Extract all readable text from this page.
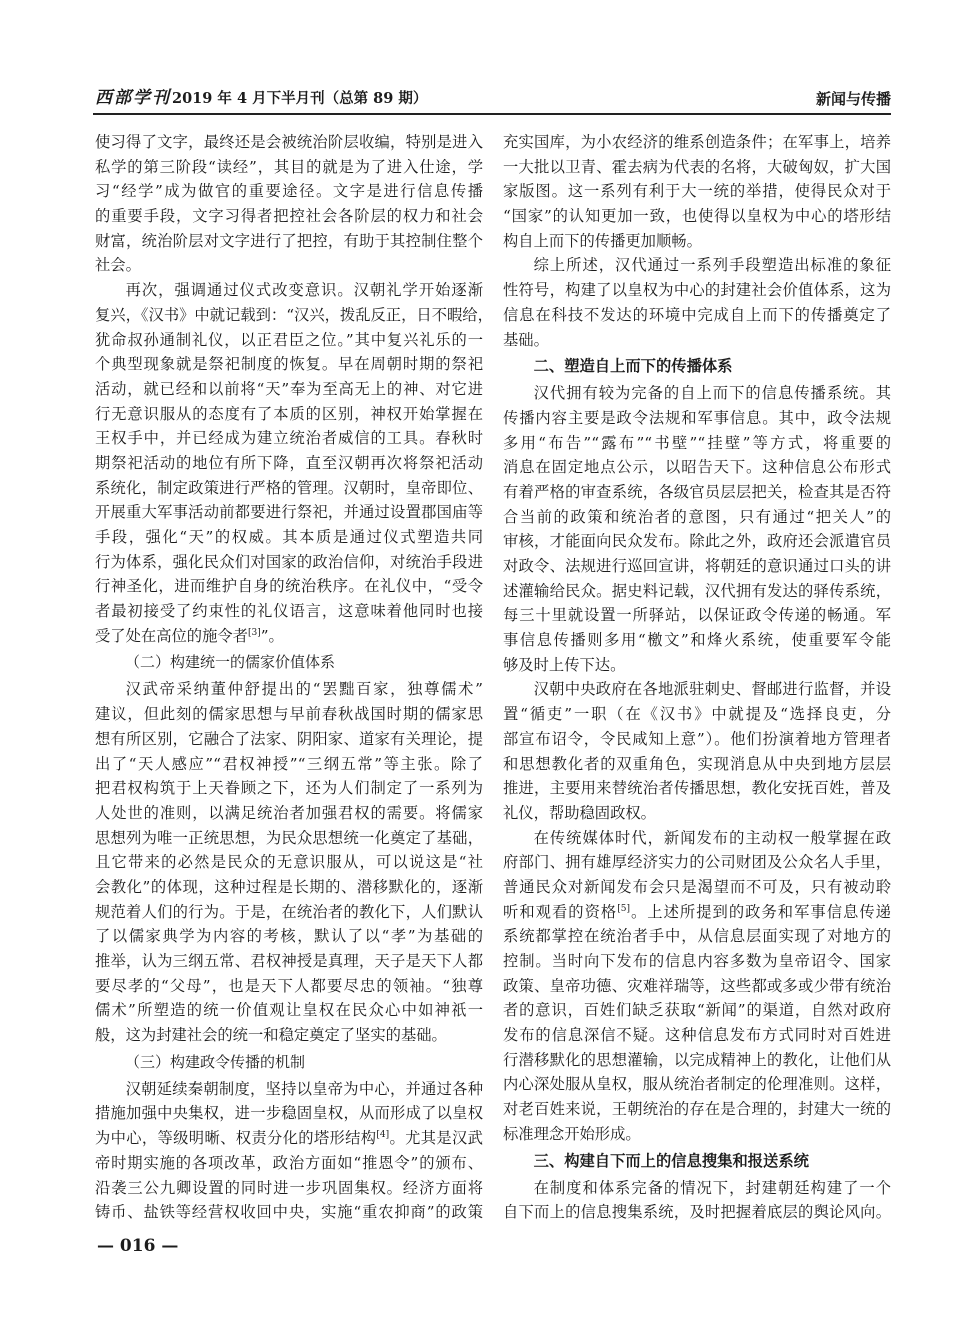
西部学刊 2019 年 4 月下半月刊（总第 89 期）	新闻与传播
使习得了文字，最终还是会被统治阶层收编，特别是进入
私学的第三阶段“读经”，其目的就是为了进入仕途，学
习“经学”成为做官的重要途径。文字是进行信息传播
的重要手段，文字习得者把控社会各阶层的权力和社会
财富，统治阶层对文字进行了把控，有助于其控制住整个
社会。
再次，强调通过仪式改变意识。汉朝礼学开始逐渐
复兴，《汉书》中就记载到：“汉兴，拨乱反正，日不暇给，
犹命叔孙通制礼仪，以正君臣之位。”其中复兴礼乐的一
个典型现象就是祭祀制度的恢复。早在周朝时期的祭祀
活动，就已经和以前将“天”奉为至高无上的神、对它进
行无意识服从的态度有了本质的区别，神权开始掌握在
王权手中，并已经成为建立统治者威信的工具。春秋时
期祭祀活动的地位有所下降，直至汉朝再次将祭祀活动
系统化，制定政策进行严格的管理。汉朝时，皇帝即位、
开展重大军事活动前都要进行祭祀，并通过设置郡国庙等
手段，强化“天”的权威。其本质是通过仪式塑造共同
行为体系，强化民众们对国家的政治信仰，对统治手段进
行神圣化，进而维护自身的统治秩序。在礼仪中，“受令
者最初接受了约束性的礼仪语言，这意味着他同时也接
受了处在高位的施令者[3]”。
（二）构建统一的儒家价值体系
汉武帝采纳董仲舒提出的“罢黜百家，独尊儒术”
建议，但此刻的儒家思想与早前春秋战国时期的儒家思
想有所区别，它融合了法家、阴阳家、道家有关理论，提
出了“天人感应”“君权神授”“三纲五常”等主张。除了
把君权构筑于上天眷顾之下，还为人们制定了一系列为
人处世的准则，以满足统治者加强君权的需要。将儒家
思想列为唯一正统思想，为民众思想统一化奠定了基础，
且它带来的必然是民众的无意识服从，可以说这是“社
会教化”的体现，这种过程是长期的、潜移默化的，逐渐
规范着人们的行为。于是，在统治者的教化下，人们默认
了以儒家典学为内容的考核，默认了以“孝”为基础的
推举，认为三纲五常、君权神授是真理，天子是天下人都
要尽孝的“父母”，也是天下人都要尽忠的领袖。“独尊
儒术”所塑造的统一价值观让皇权在民众心中如神祇一
般，这为封建社会的统一和稳定奠定了坚实的基础。
（三）构建政令传播的机制
汉朝延续秦朝制度，坚持以皇帝为中心，并通过各种
措施加强中央集权，进一步稳固皇权，从而形成了以皇权
为中心，等级明晰、权责分化的塔形结构[4]。尤其是汉武
帝时期实施的各项改革，政治方面如“推恩令”的颁布、
沿袭三公九卿设置的同时进一步巩固集权。经济方面将
铸币、盐铁等经营权收回中央，实施“重农抑商”的政策
充实国库，为小农经济的维系创造条件；在军事上，培养
一大批以卫青、霍去病为代表的名将，大破匈奴，扩大国
家版图。这一系列有利于大一统的举措，使得民众对于
“国家”的认知更加一致，也使得以皇权为中心的塔形结
构自上而下的传播更加顺畅。
综上所述，汉代通过一系列手段塑造出标准的象征
性符号，构建了以皇权为中心的封建社会价值体系，这为
信息在科技不发达的环境中完成自上而下的传播奠定了
基础。
二、塑造自上而下的传播体系
汉代拥有较为完备的自上而下的信息传播系统。其
传播内容主要是政令法规和军事信息。其中，政令法规
多用“布告”“露布”“书壁”“挂壁”等方式，将重要的
消息在固定地点公示，以昭告天下。这种信息公布形式
有着严格的审查系统，各级官员层层把关，检查其是否符
合当前的政策和统治者的意图，只有通过“把关人”的
审核，才能面向民众发布。除此之外，政府还会派遣官员
对政令、法规进行巡回宣讲，将朝廷的意识通过口头的讲
述灌输给民众。据史料记载，汉代拥有发达的驿传系统，
每三十里就设置一所驿站，以保证政令传递的畅通。军
事信息传播则多用“檄文”和烽火系统，使重要军令能
够及时上传下达。
汉朝中央政府在各地派驻刺史、督邮进行监督，并设
置“循吏”一职（在《汉书》中就提及“选择良吏，分
部宣布诏令，令民咸知上意”）。他们扮演着地方管理者
和思想教化者的双重角色，实现消息从中央到地方层层
推进，主要用来替统治者传播思想，教化安抚百姓，普及
礼仪，帮助稳固政权。
在传统媒体时代，新闻发布的主动权一般掌握在政
府部门、拥有雄厚经济实力的公司财团及公众名人手里，
普通民众对新闻发布会只是渴望而不可及，只有被动聆
听和观看的资格[5]。上述所提到的政务和军事信息传递
系统都掌控在统治者手中，从信息层面实现了对地方的
控制。当时向下发布的信息内容多数为皇帝诏令、国家
政策、皇帝功德、灾难祥瑞等，这些都或多或少带有统治
者的意识，百姓们缺乏获取“新闻”的渠道，自然对政府
发布的信息深信不疑。这种信息发布方式同时对百姓进
行潜移默化的思想灌输，以完成精神上的教化，让他们从
内心深处服从皇权，服从统治者制定的伦理准则。这样，
对老百姓来说，王朝统治的存在是合理的，封建大一统的
标准理念开始形成。
三、构建自下而上的信息搜集和报送系统
在制度和体系完备的情况下，封建朝廷构建了一个
自下而上的信息搜集系统，及时把握着底层的舆论风向。
— 016 —
